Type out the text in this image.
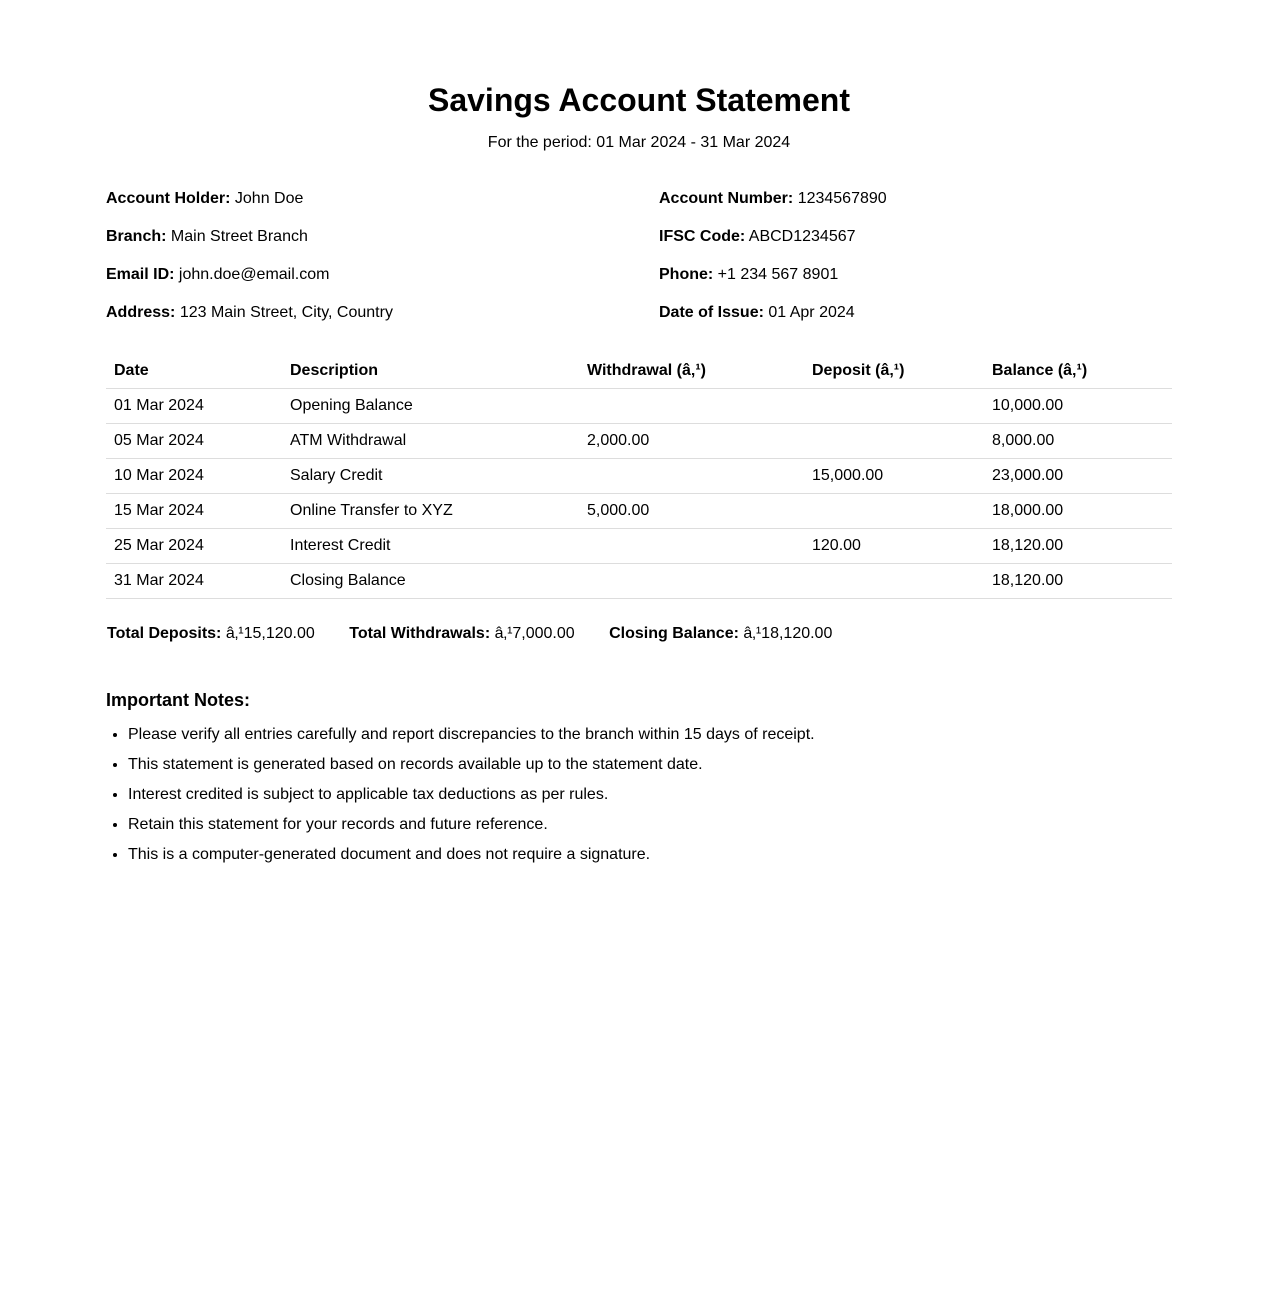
Savings Account Statement
For the period: 01 Mar 2024 - 31 Mar 2024
Account Holder: John Doe
Branch: Main Street Branch
Email ID: john.doe@email.com
Address: 123 Main Street, City, Country
Account Number: 1234567890
IFSC Code: ABCD1234567
Phone: +1 234 567 8901
Date of Issue: 01 Apr 2024
Date	Description	Withdrawal (â‚¹)	Deposit (â‚¹)	Balance (â‚¹)
01 Mar 2024	Opening Balance			10,000.00
05 Mar 2024	ATM Withdrawal	2,000.00		8,000.00
10 Mar 2024	Salary Credit		15,000.00	23,000.00
15 Mar 2024	Online Transfer to XYZ	5,000.00		18,000.00
25 Mar 2024	Interest Credit		120.00	18,120.00
31 Mar 2024	Closing Balance			18,120.00
Total Deposits: â‚¹15,120.00 Total Withdrawals: â‚¹7,000.00 Closing Balance: â‚¹18,120.00
Important Notes:
• Please verify all entries carefully and report discrepancies to the branch within 15 days of receipt.
• This statement is generated based on records available up to the statement date.
• Interest credited is subject to applicable tax deductions as per rules.
• Retain this statement for your records and future reference.
• This is a computer-generated document and does not require a signature.
